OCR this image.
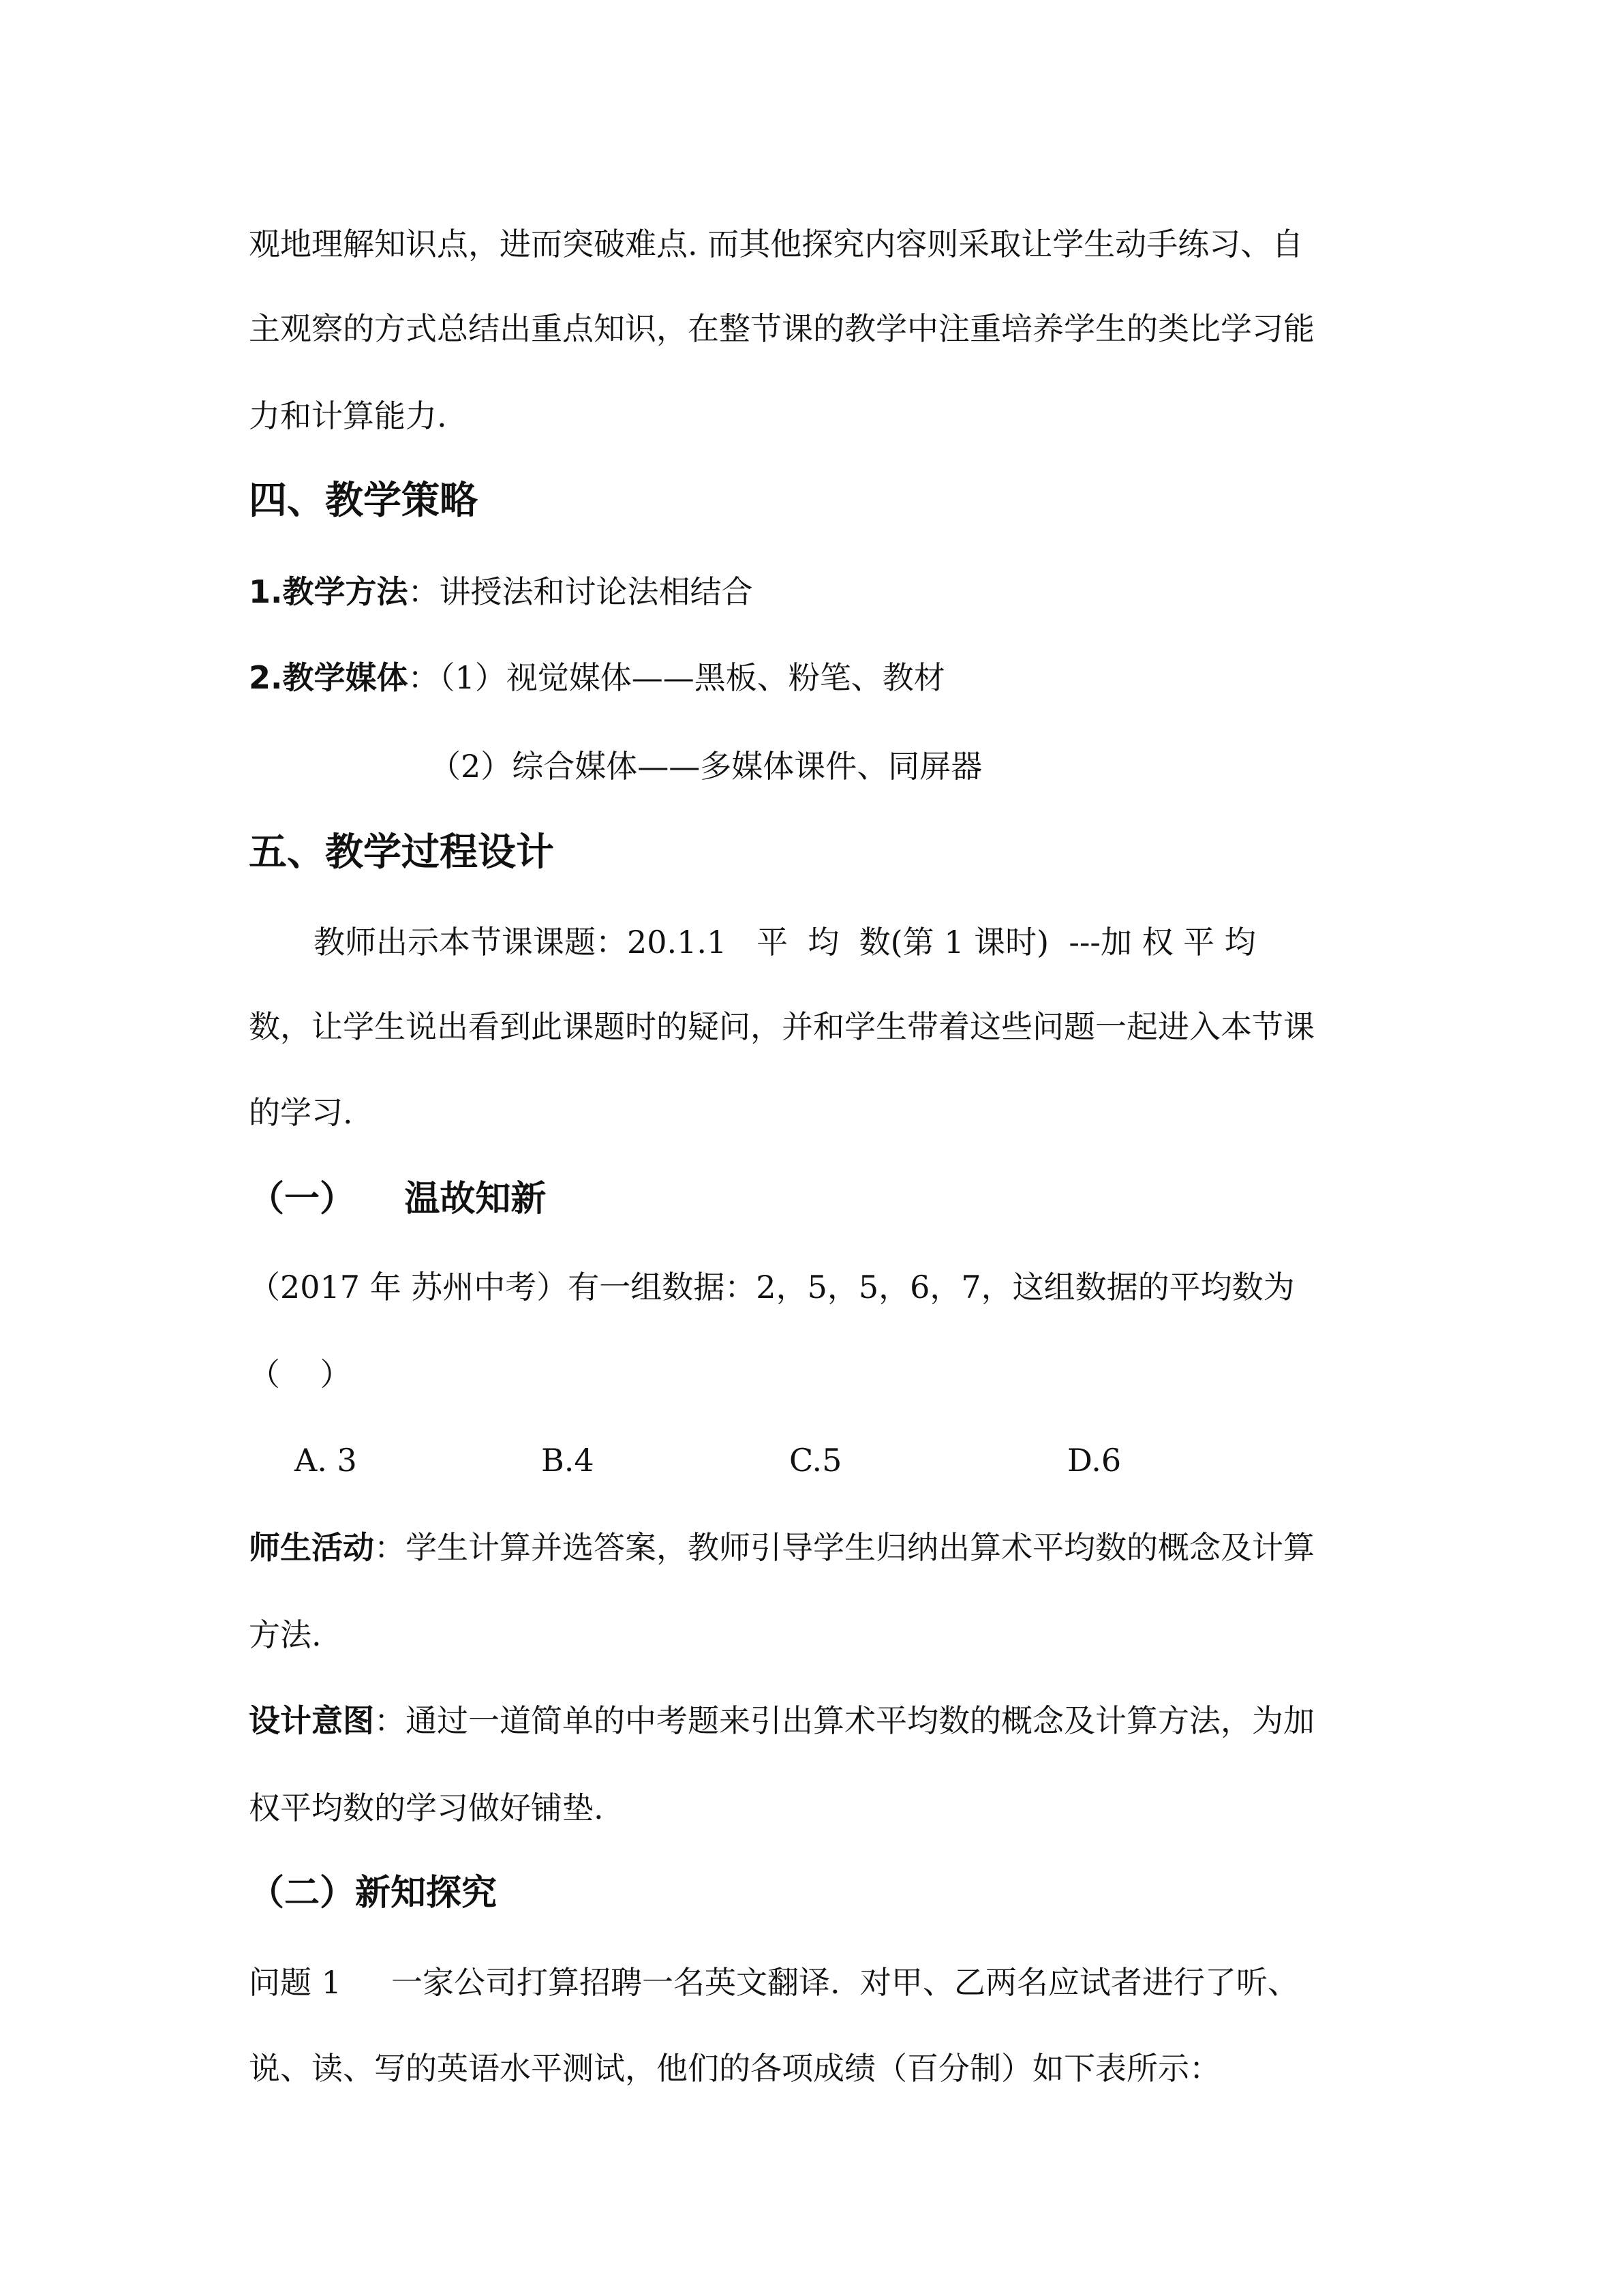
观地理解知识点，进而突破难点. 而其他探究内容则采取让学生动手练习、自

主观察的方式总结出重点知识，在整节课的教学中注重培养学生的类比学习能

力和计算能力.

四、教学策略

1.教学方法：讲授法和讨论法相结合

2.教学媒体：（1）视觉媒体——黑板、粉笔、教材

（2）综合媒体——多媒体课件、同屏器

五、教学过程设计

教师出示本节课课题：20.1.1   平  均  数(第 1 课时)  ---加 权 平 均

数，让学生说出看到此课题时的疑问，并和学生带着这些问题一起进入本节课

的学习.

（一）    温故知新

（2017 年 苏州中考）有一组数据：2，5，5，6，7，这组数据的平均数为

（    ）

A. 3	B.4	C.5	D.6

师生活动：学生计算并选答案，教师引导学生归纳出算术平均数的概念及计算

方法.

设计意图：通过一道简单的中考题来引出算术平均数的概念及计算方法，为加

权平均数的学习做好铺垫.

（二）新知探究

问题 1     一家公司打算招聘一名英文翻译.  对甲、乙两名应试者进行了听、

说、读、写的英语水平测试，他们的各项成绩（百分制）如下表所示：
